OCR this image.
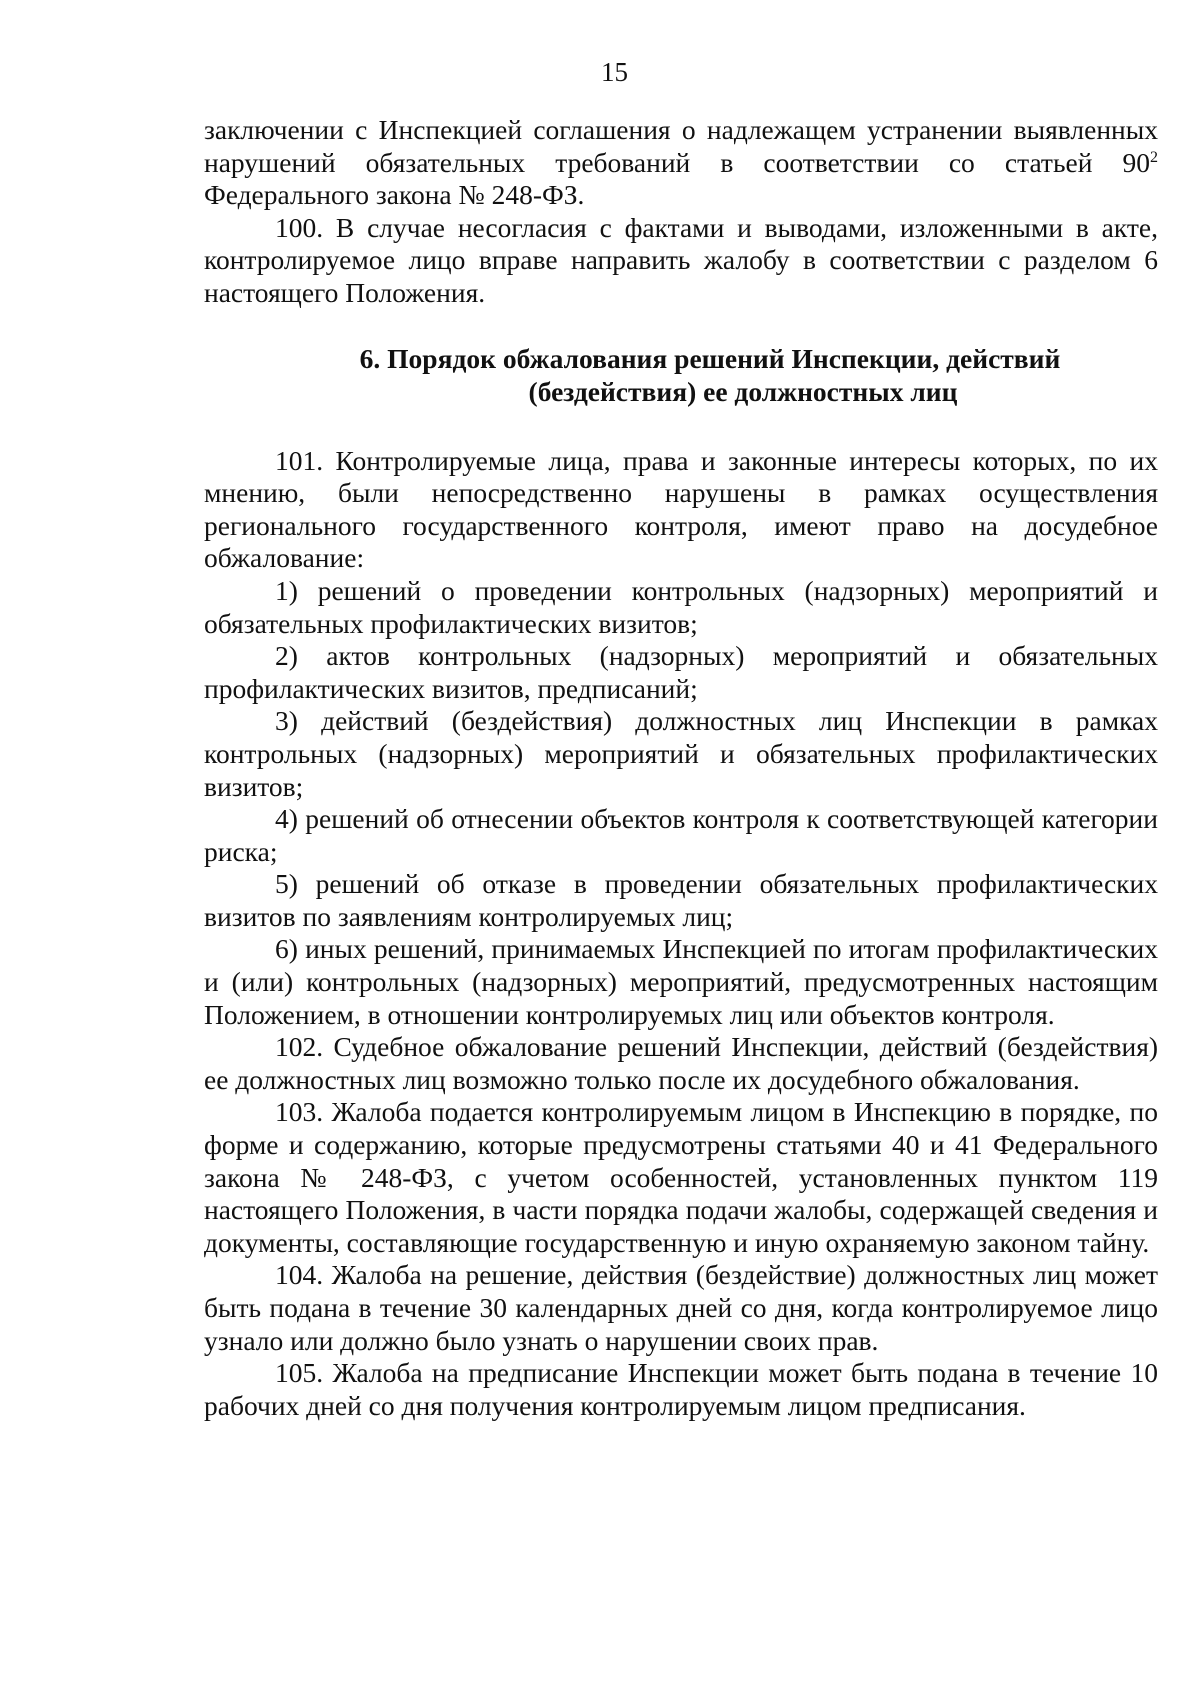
15

заключении с Инспекцией соглашения о надлежащем устранении выявленных нарушений обязательных требований в соответствии со статьей $90^2$ Федерального закона № 248-ФЗ.

100. В случае несогласия с фактами и выводами, изложенными в акте, контролируемое лицо вправе направить жалобу в соответствии с разделом 6 настоящего Положения.

6. Порядок обжалования решений Инспекции, действий
(бездействия) ее должностных лиц

101. Контролируемые лица, права и законные интересы которых, по их мнению, были непосредственно нарушены в рамках осуществления регионального государственного контроля, имеют право на досудебное обжалование:

1) решений о проведении контрольных (надзорных) мероприятий и обязательных профилактических визитов;

2) актов контрольных (надзорных) мероприятий и обязательных профилактических визитов, предписаний;

3) действий (бездействия) должностных лиц Инспекции в рамках контрольных (надзорных) мероприятий и обязательных профилактических визитов;

4) решений об отнесении объектов контроля к соответствующей категории риска;

5) решений об отказе в проведении обязательных профилактических визитов по заявлениям контролируемых лиц;

6) иных решений, принимаемых Инспекцией по итогам профилактических и (или) контрольных (надзорных) мероприятий, предусмотренных настоящим Положением, в отношении контролируемых лиц или объектов контроля.

102. Судебное обжалование решений Инспекции, действий (бездействия) ее должностных лиц возможно только после их досудебного обжалования.

103. Жалоба подается контролируемым лицом в Инспекцию в порядке, по форме и содержанию, которые предусмотрены статьями 40 и 41 Федерального закона № 248-ФЗ, с учетом особенностей, установленных пунктом 119 настоящего Положения, в части порядка подачи жалобы, содержащей сведения и документы, составляющие государственную и иную охраняемую законом тайну.

104. Жалоба на решение, действия (бездействие) должностных лиц может быть подана в течение 30 календарных дней со дня, когда контролируемое лицо узнало или должно было узнать о нарушении своих прав.

105. Жалоба на предписание Инспекции может быть подана в течение 10 рабочих дней со дня получения контролируемым лицом предписания.
